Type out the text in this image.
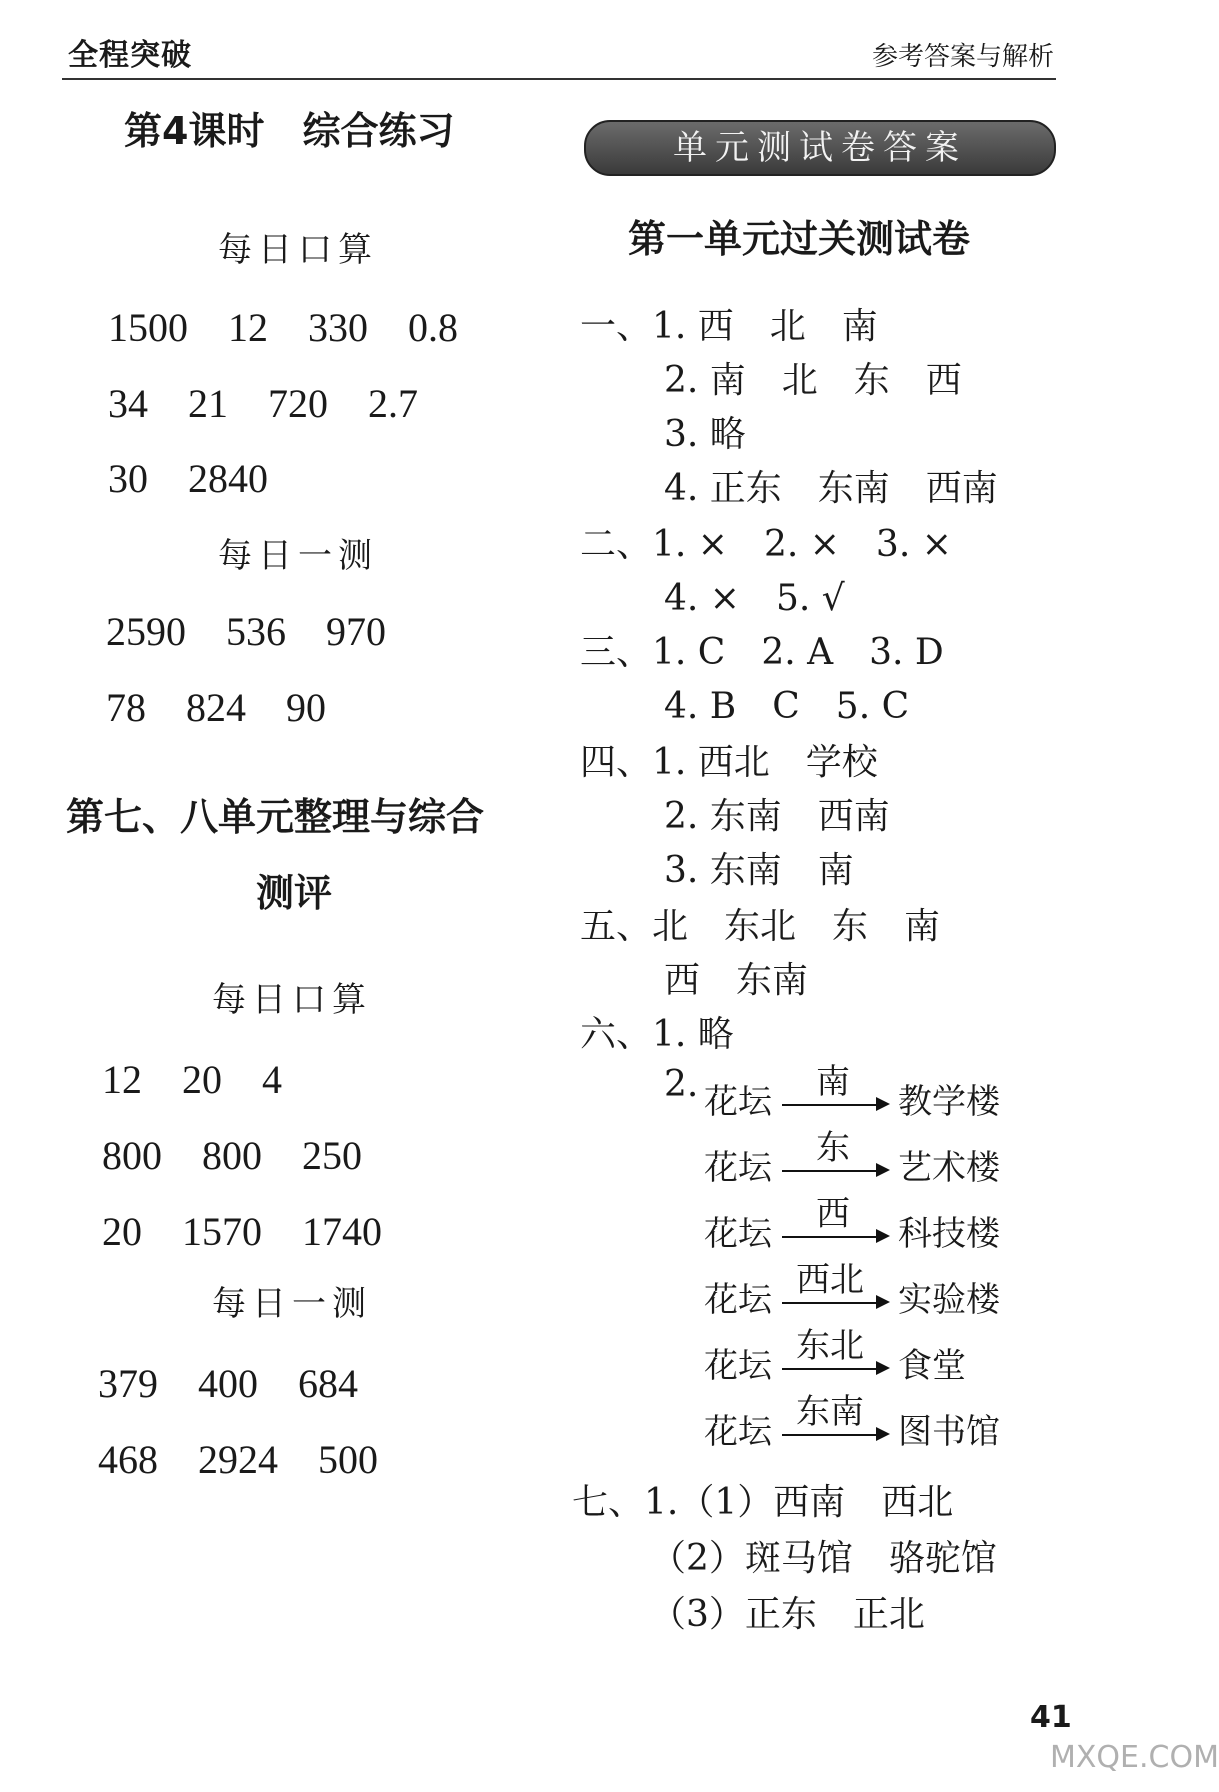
全程突破	参考答案与解析
第4课时　综合练习
每日口算
1500　12　330　0.8
34　21　720　2.7
30　2840
每日一测
2590　536　970
78　824　90
第七、八单元整理与综合
测评
每日口算
12　20　4
800　800　250
20　1570　1740
每日一测
379　400　684
468　2924　500
单元测试卷答案
第一单元过关测试卷
一、1. 西　北　南
2. 南　北　东　西
3. 略
4. 正东　东南　西南
二、1. ×　2. ×　3. ×
4. ×　5. √
三、1. C　2. A　3. D
4. B　C　5. C
四、1. 西北　学校
2. 东南　西南
3. 东南　南
五、北　东北　东　南
西　东南
六、1. 略
2. 花坛 南 教学楼
花坛 东 艺术楼
花坛 西 科技楼
花坛 西北 实验楼
花坛 东北 食堂
花坛 东南 图书馆
七、1.（1）西南　西北
（2）斑马馆　骆驼馆
（3）正东　正北
41
MXQE.COM
